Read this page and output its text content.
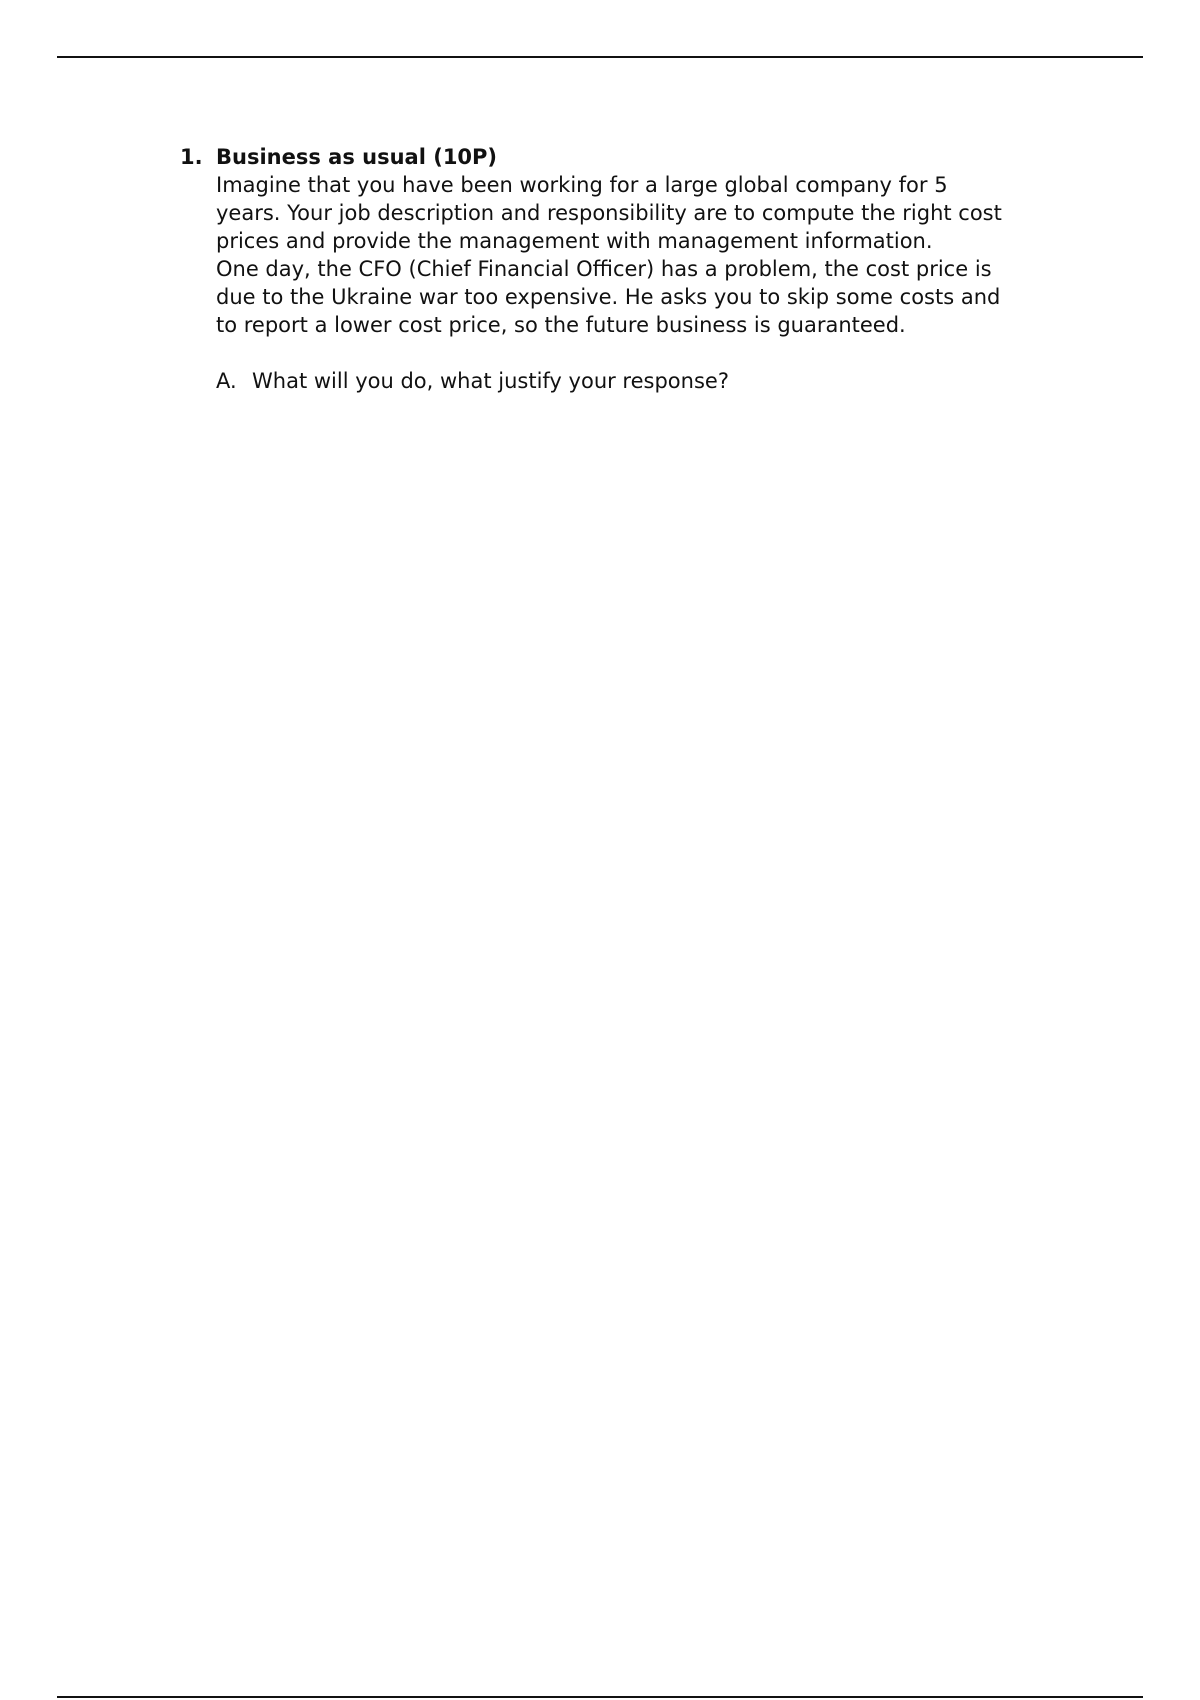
1. Business as usual (10P)

Imagine that you have been working for a large global company for 5

years. Your job description and responsibility are to compute the right cost

prices and provide the management with management information.

One day, the CFO (Chief Financial Officer) has a problem, the cost price is

due to the Ukraine war too expensive. He asks you to skip some costs and

to report a lower cost price, so the future business is guaranteed.

A. What will you do, what justify your response?
